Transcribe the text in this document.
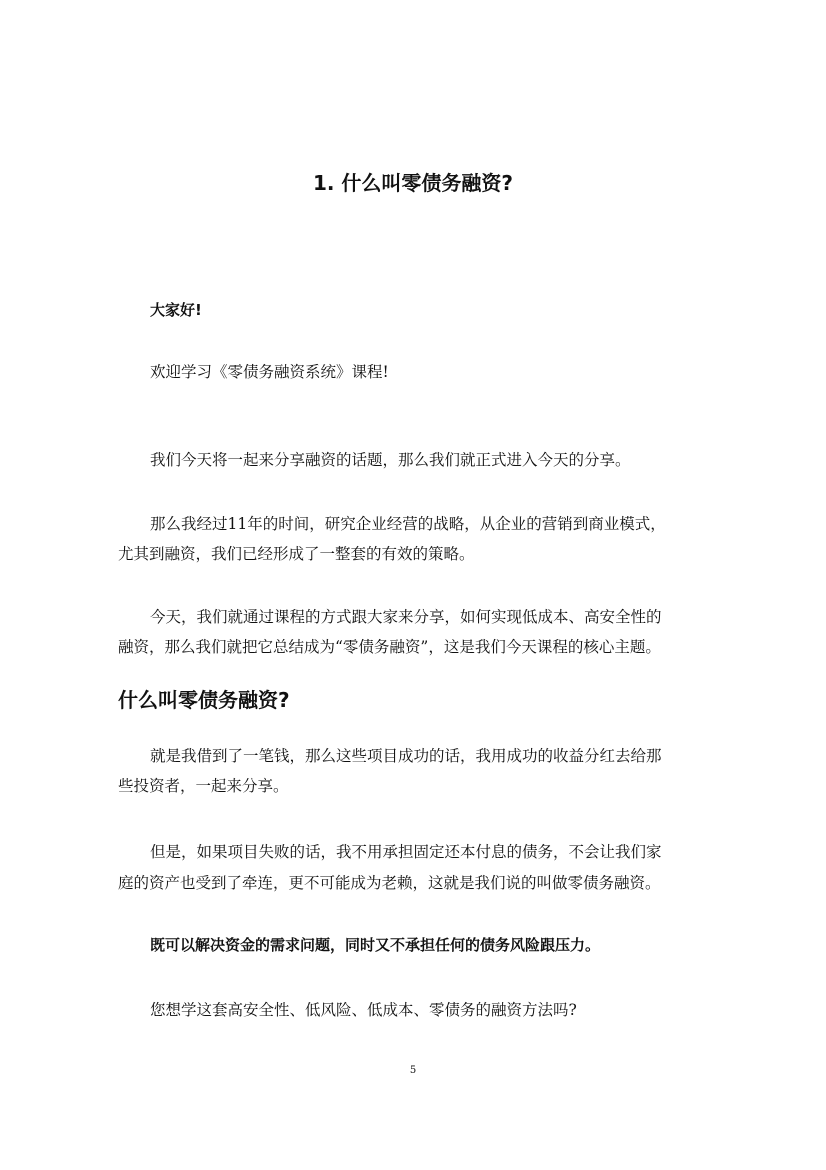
1. 什么叫零债务融资?

大家好!

欢迎学习《零债务融资系统》课程!

我们今天将一起来分享融资的话题，那么我们就正式进入今天的分享。

那么我经过11年的时间，研究企业经营的战略，从企业的营销到商业模式，

尤其到融资，我们已经形成了一整套的有效的策略。

今天，我们就通过课程的方式跟大家来分享，如何实现低成本、高安全性的

融资，那么我们就把它总结成为“零债务融资”，这是我们今天课程的核心主题。

什么叫零债务融资?

就是我借到了一笔钱，那么这些项目成功的话，我用成功的收益分红去给那

些投资者，一起来分享。

但是，如果项目失败的话，我不用承担固定还本付息的债务，不会让我们家

庭的资产也受到了牵连，更不可能成为老赖，这就是我们说的叫做零债务融资。

既可以解决资金的需求问题，同时又不承担任何的债务风险跟压力。

您想学这套高安全性、低风险、低成本、零债务的融资方法吗?

5
